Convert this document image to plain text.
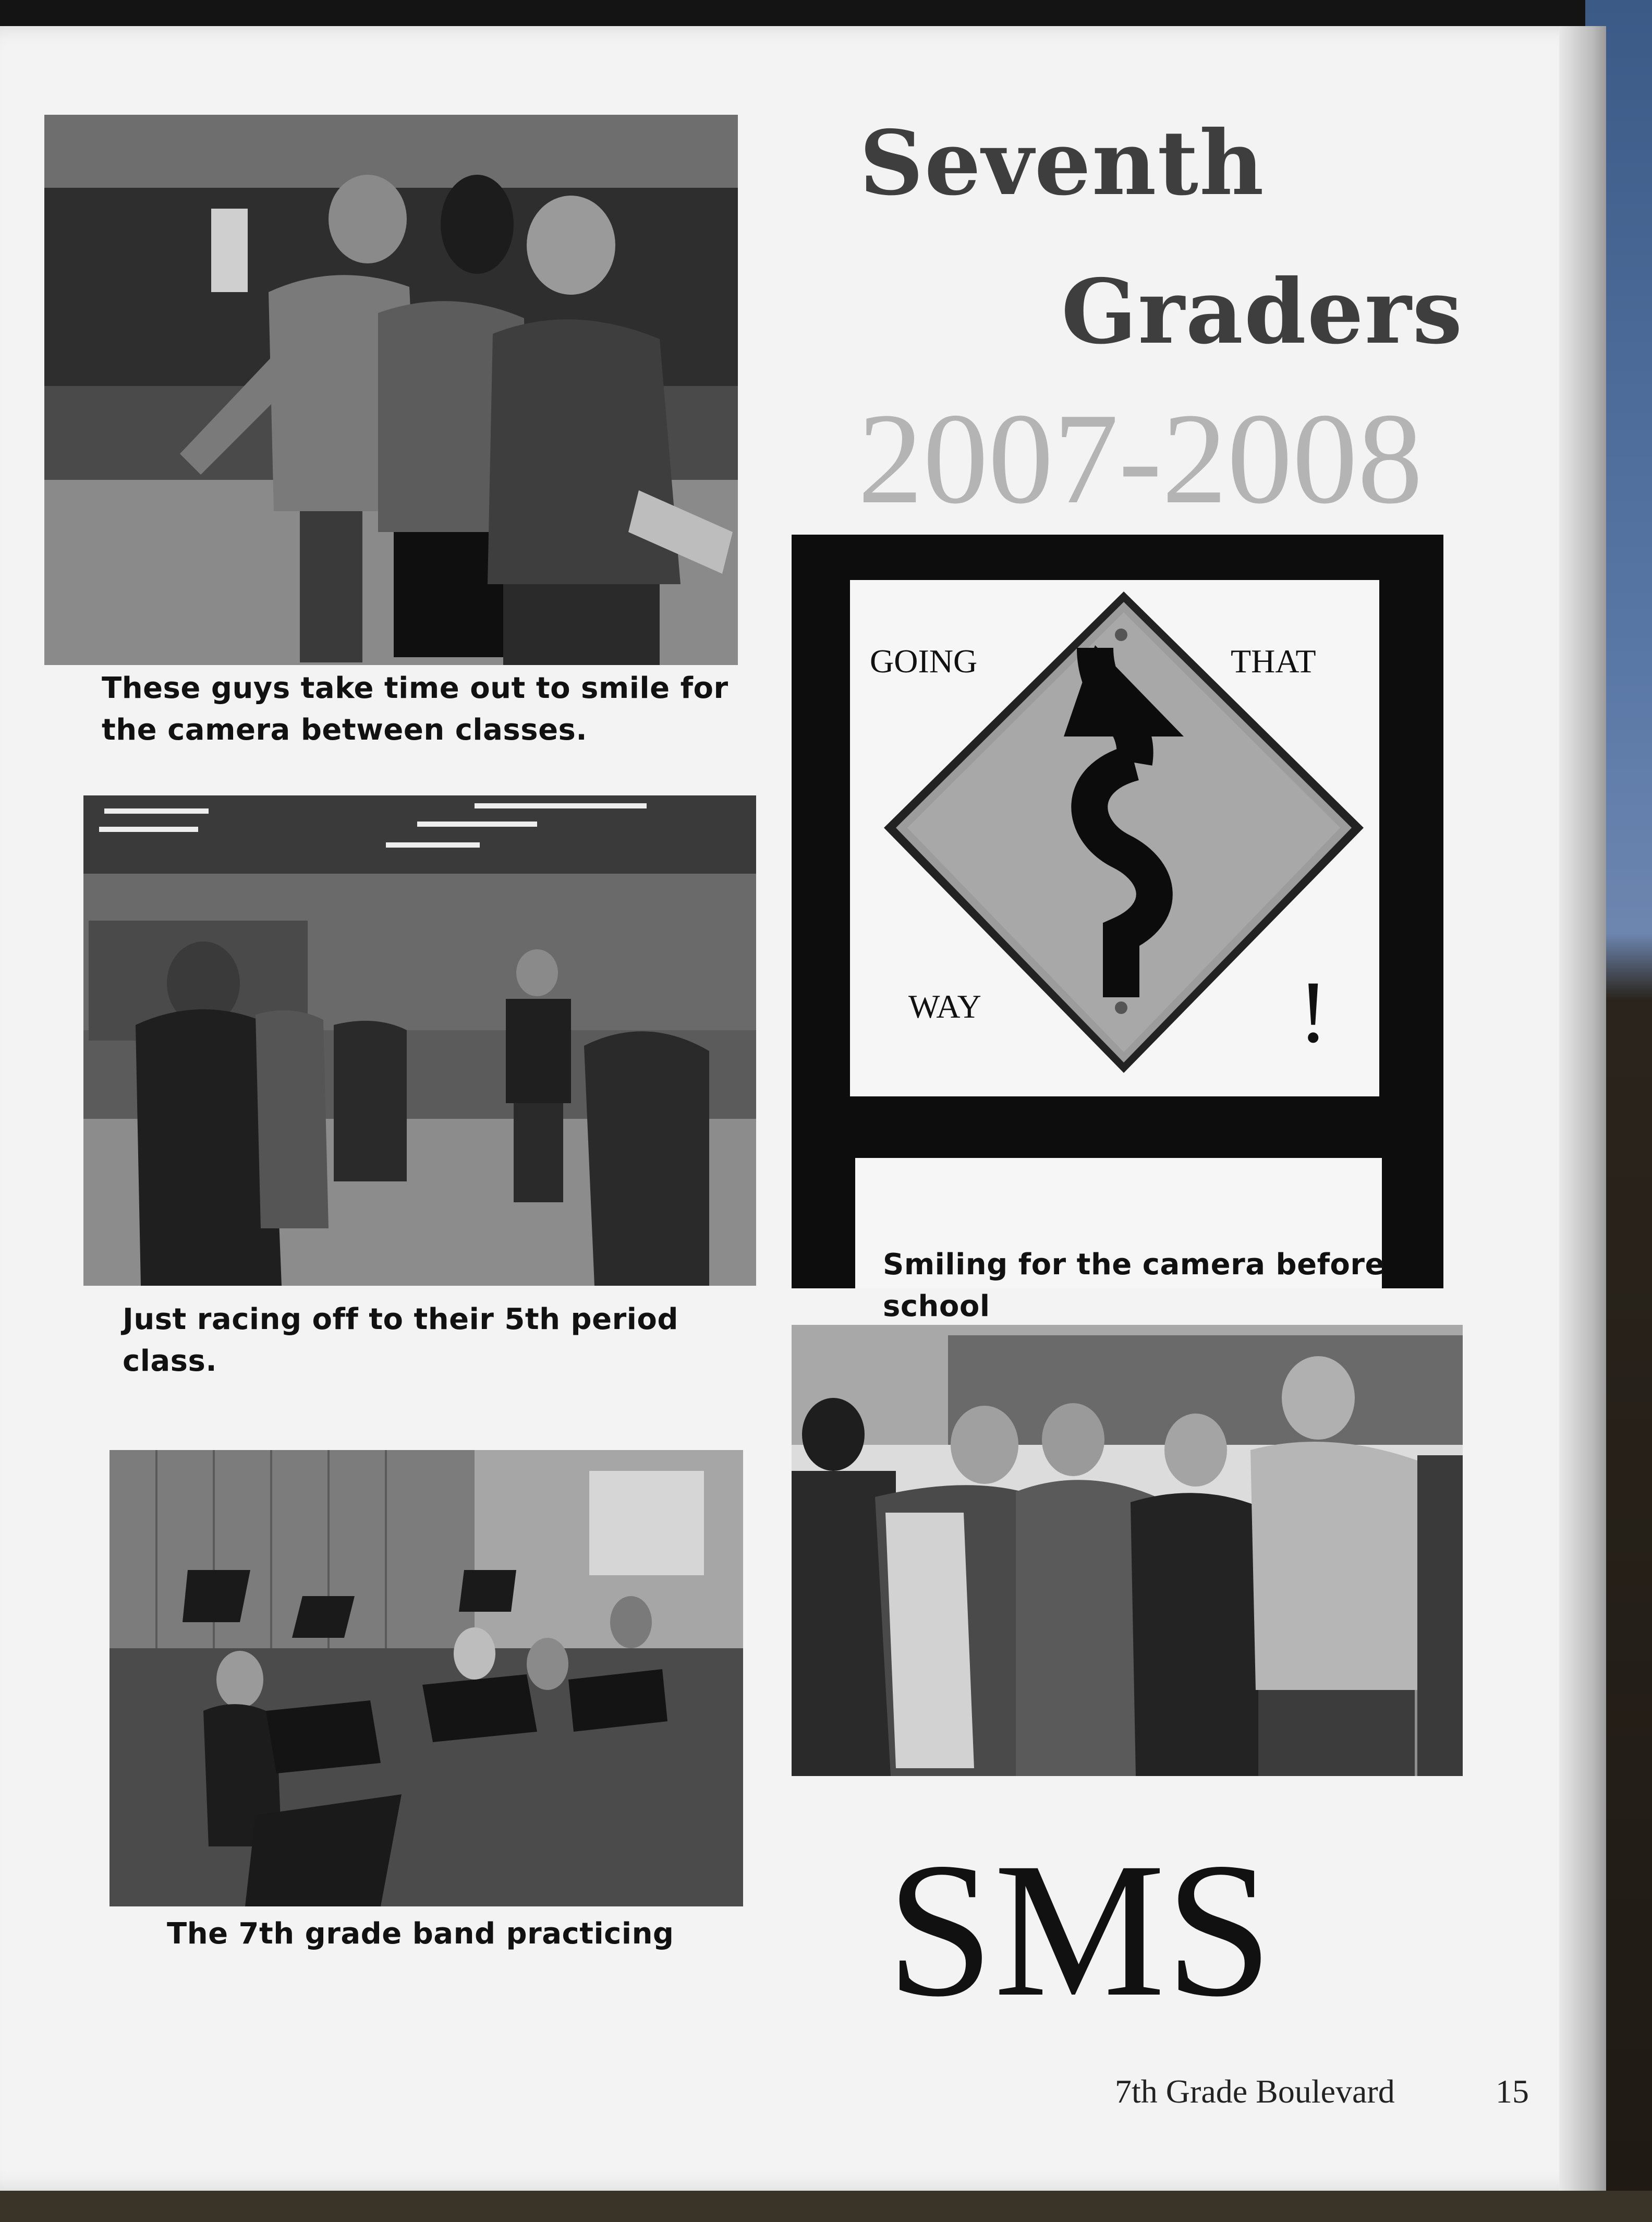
These guys take time out to smile for
the camera between classes.
Just racing off to their 5th period
class.
The 7th grade band practicing
Seventh
Graders
2007-2008
GOING	THAT
WAY	!
Smiling for the camera before
school
SMS
7th Grade Boulevard	15
